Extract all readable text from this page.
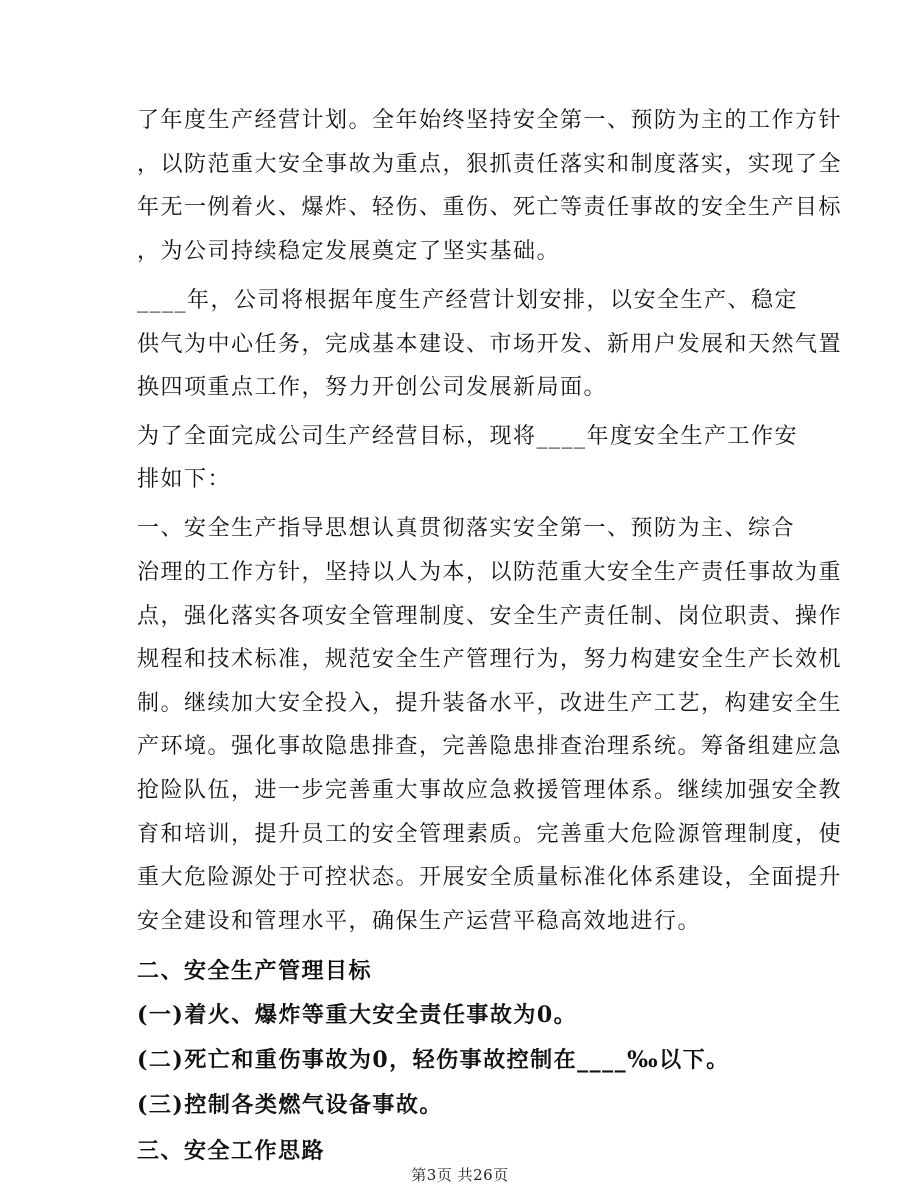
了年度生产经营计划。全年始终坚持安全第一、预防为主的工作方针
，以防范重大安全事故为重点，狠抓责任落实和制度落实，实现了全
年无一例着火、爆炸、轻伤、重伤、死亡等责任事故的安全生产目标
，为公司持续稳定发展奠定了坚实基础。
____年，公司将根据年度生产经营计划安排，以安全生产、稳定
供气为中心任务，完成基本建设、市场开发、新用户发展和天然气置
换四项重点工作，努力开创公司发展新局面。
为了全面完成公司生产经营目标，现将____年度安全生产工作安
排如下：
一、安全生产指导思想认真贯彻落实安全第一、预防为主、综合
治理的工作方针，坚持以人为本，以防范重大安全生产责任事故为重
点，强化落实各项安全管理制度、安全生产责任制、岗位职责、操作
规程和技术标准，规范安全生产管理行为，努力构建安全生产长效机
制。继续加大安全投入，提升装备水平，改进生产工艺，构建安全生
产环境。强化事故隐患排查，完善隐患排查治理系统。筹备组建应急
抢险队伍，进一步完善重大事故应急救援管理体系。继续加强安全教
育和培训，提升员工的安全管理素质。完善重大危险源管理制度，使
重大危险源处于可控状态。开展安全质量标准化体系建设，全面提升
安全建设和管理水平，确保生产运营平稳高效地进行。
二、安全生产管理目标
(一)着火、爆炸等重大安全责任事故为0。
(二)死亡和重伤事故为0，轻伤事故控制在____‰以下。
(三)控制各类燃气设备事故。
三、安全工作思路
第3页 共26页
